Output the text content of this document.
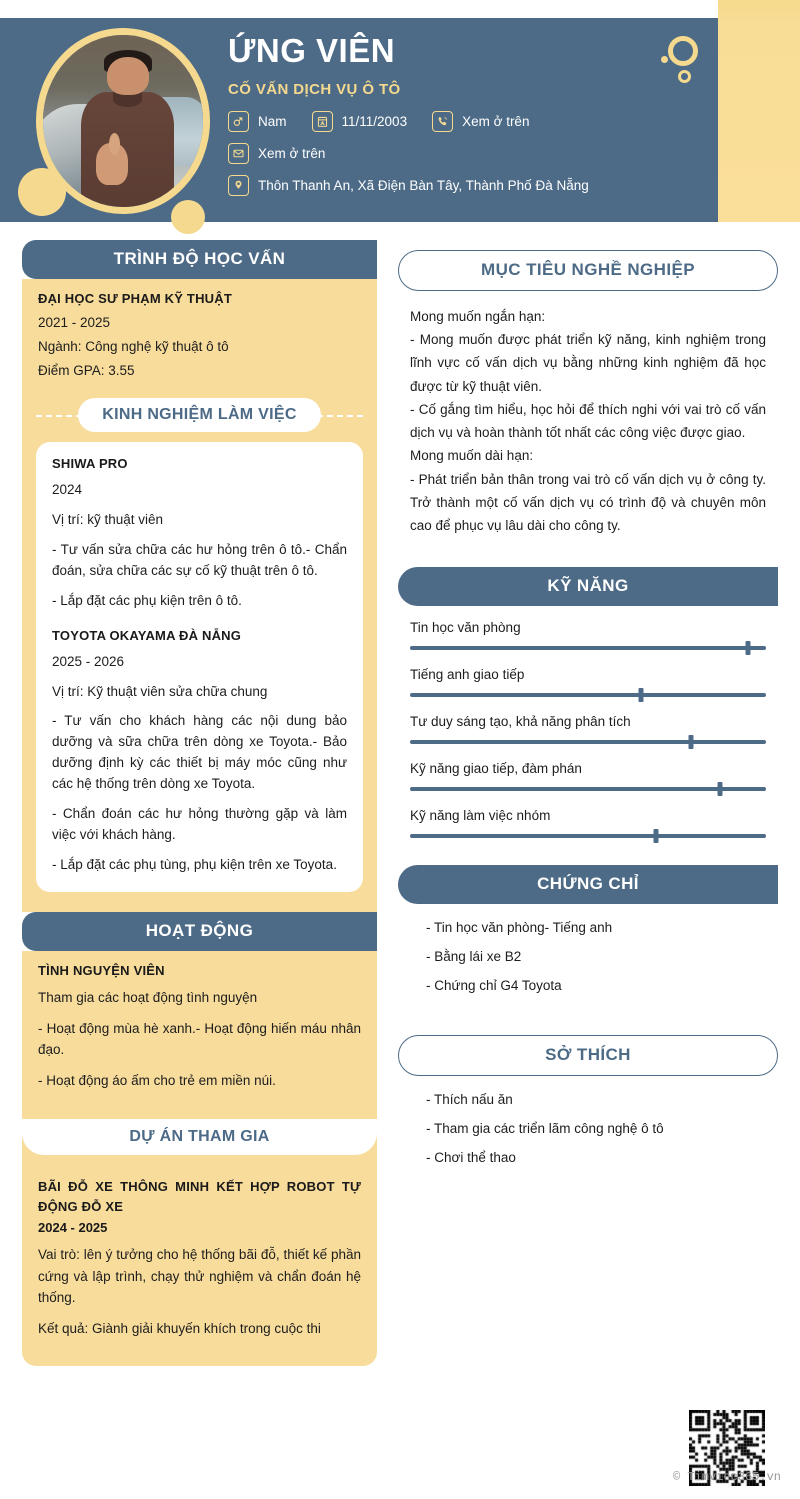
ỨNG VIÊN
CỐ VẤN DỊCH VỤ Ô TÔ
Nam	11/11/2003	Xem ở trên
Xem ở trên
Thôn Thanh An, Xã Điện Bàn Tây, Thành Phố Đà Nẵng
TRÌNH ĐỘ HỌC VẤN
ĐẠI HỌC SƯ PHẠM KỸ THUẬT
2021 - 2025
Ngành: Công nghệ kỹ thuật ô tô
Điểm GPA: 3.55
KINH NGHIỆM LÀM VIỆC
SHIWA PRO
2024
Vị trí: kỹ thuật viên
- Tư vấn sửa chữa các hư hỏng trên ô tô.- Chẩn đoán, sửa chữa các sự cố kỹ thuật trên ô tô.
- Lắp đặt các phụ kiện trên ô tô.
TOYOTA OKAYAMA ĐÀ NẴNG
2025 - 2026
Vị trí: Kỹ thuật viên sửa chữa chung
- Tư vấn cho khách hàng các nội dung bảo dưỡng và sữa chữa trên dòng xe Toyota.- Bảo dưỡng định kỳ các thiết bị máy móc cũng như các hệ thống trên dòng xe Toyota.
- Chẩn đoán các hư hỏng thường gặp và làm việc với khách hàng.
- Lắp đặt các phụ tùng, phụ kiện trên xe Toyota.
HOẠT ĐỘNG
TÌNH NGUYỆN VIÊN
Tham gia các hoạt động tình nguyện
- Hoạt động mùa hè xanh.- Hoạt động hiến máu nhân đạo.
- Hoạt động áo ấm cho trẻ em miền núi.
DỰ ÁN THAM GIA
BÃI ĐỖ XE THÔNG MINH KẾT HỢP ROBOT TỰ ĐỘNG ĐỖ XE
2024 - 2025
Vai trò: lên ý tưởng cho hệ thống bãi đỗ, thiết kế phần cứng và lập trình, chạy thử nghiệm và chẩn đoán hệ thống.
Kết quả: Giành giải khuyến khích trong cuộc thi
MỤC TIÊU NGHỀ NGHIỆP
Mong muốn ngắn hạn:
- Mong muốn được phát triển kỹ năng, kinh nghiệm trong lĩnh vực cố vấn dịch vụ bằng những kinh nghiệm đã học được từ kỹ thuật viên.
- Cố gắng tìm hiểu, học hỏi để thích nghi với vai trò cố vấn dịch vụ và hoàn thành tốt nhất các công việc được giao.
Mong muốn dài hạn:
- Phát triển bản thân trong vai trò cố vấn dịch vụ ở công ty. Trở thành một cố vấn dịch vụ có trình độ và chuyên môn cao để phục vụ lâu dài cho công ty.
KỸ NĂNG
Tin học văn phòng
Tiếng anh giao tiếp
Tư duy sáng tạo, khả năng phân tích
Kỹ năng giao tiếp, đàm phán
Kỹ năng làm việc nhóm
CHỨNG CHỈ
- Tin học văn phòng- Tiếng anh
- Bằng lái xe B2
- Chứng chỉ G4 Toyota
SỞ THÍCH
- Thích nấu ăn
- Tham gia các triển lãm công nghệ ô tô
- Chơi thể thao
© Timviec365.vn
